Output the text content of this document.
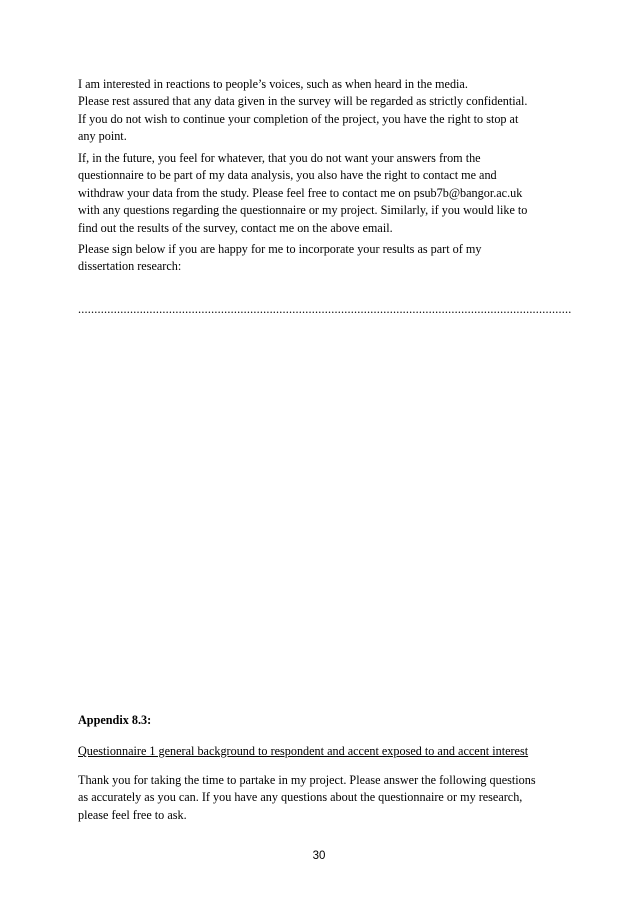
I am interested in reactions to people’s voices, such as when heard in the media.

Please rest assured that any data given in the survey will be regarded as strictly confidential.

If you do not wish to continue your completion of the project, you have the right to stop at

any point.

If, in the future, you feel for whatever, that you do not want your answers from the

questionnaire to be part of my data analysis, you also have the right to contact me and

withdraw your data from the study. Please feel free to contact me on psub7b@bangor.ac.uk

with any questions regarding the questionnaire or my project. Similarly, if you would like to

find out the results of the survey, contact me on the above email.

Please sign below if you are happy for me to incorporate your results as part of my

dissertation research:

........................................................................................................................................................
Appendix 8.3:
Questionnaire 1 general background to respondent and accent exposed to and accent interest

Thank you for taking the time to partake in my project. Please answer the following questions

as accurately as you can. If you have any questions about the questionnaire or my research,

please feel free to ask.

30
